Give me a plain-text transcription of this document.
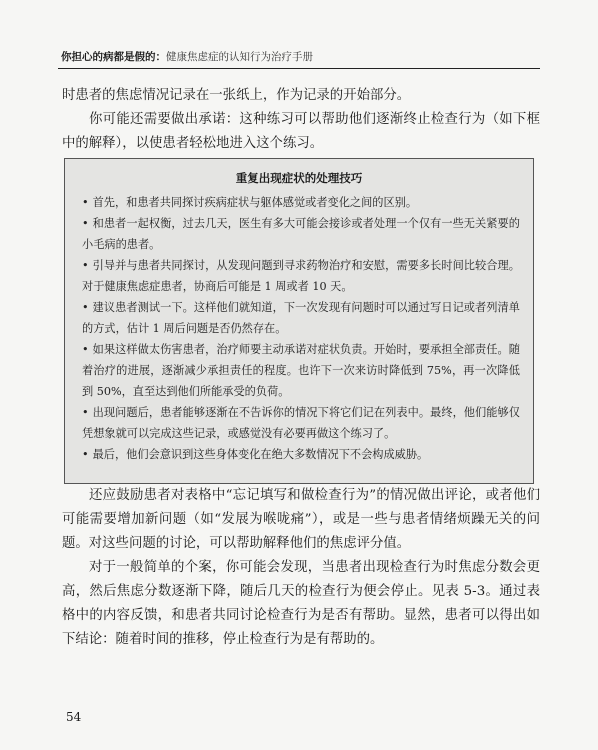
你担心的病都是假的：健康焦虑症的认知行为治疗手册

时患者的焦虑情况记录在一张纸上，作为记录的开始部分。

你可能还需要做出承诺：这种练习可以帮助他们逐渐终止检查行为（如下框中的解释），以使患者轻松地进入这个练习。

重复出现症状的处理技巧
• 首先，和患者共同探讨疾病症状与躯体感觉或者变化之间的区别。
• 和患者一起权衡，过去几天，医生有多大可能会接诊或者处理一个仅有一些无关紧要的小毛病的患者。
• 引导并与患者共同探讨，从发现问题到寻求药物治疗和安慰，需要多长时间比较合理。对于健康焦虑症患者，协商后可能是 1 周或者 10 天。
• 建议患者测试一下。这样他们就知道，下一次发现有问题时可以通过写日记或者列清单的方式，估计 1 周后问题是否仍然存在。
• 如果这样做太伤害患者，治疗师要主动承诺对症状负责。开始时，要承担全部责任。随着治疗的进展，逐渐减少承担责任的程度。也许下一次来访时降低到 75%，再一次降低到 50%，直至达到他们所能承受的负荷。
• 出现问题后，患者能够逐渐在不告诉你的情况下将它们记在列表中。最终，他们能够仅凭想象就可以完成这些记录，或感觉没有必要再做这个练习了。
• 最后，他们会意识到这些身体变化在绝大多数情况下不会构成威胁。

还应鼓励患者对表格中“忘记填写和做检查行为”的情况做出评论，或者他们可能需要增加新问题（如“发展为喉咙痛”），或是一些与患者情绪烦躁无关的问题。对这些问题的讨论，可以帮助解释他们的焦虑评分值。

对于一般简单的个案，你可能会发现，当患者出现检查行为时焦虑分数会更高，然后焦虑分数逐渐下降，随后几天的检查行为便会停止。见表 5-3。通过表格中的内容反馈，和患者共同讨论检查行为是否有帮助。显然，患者可以得出如下结论：随着时间的推移，停止检查行为是有帮助的。

54
